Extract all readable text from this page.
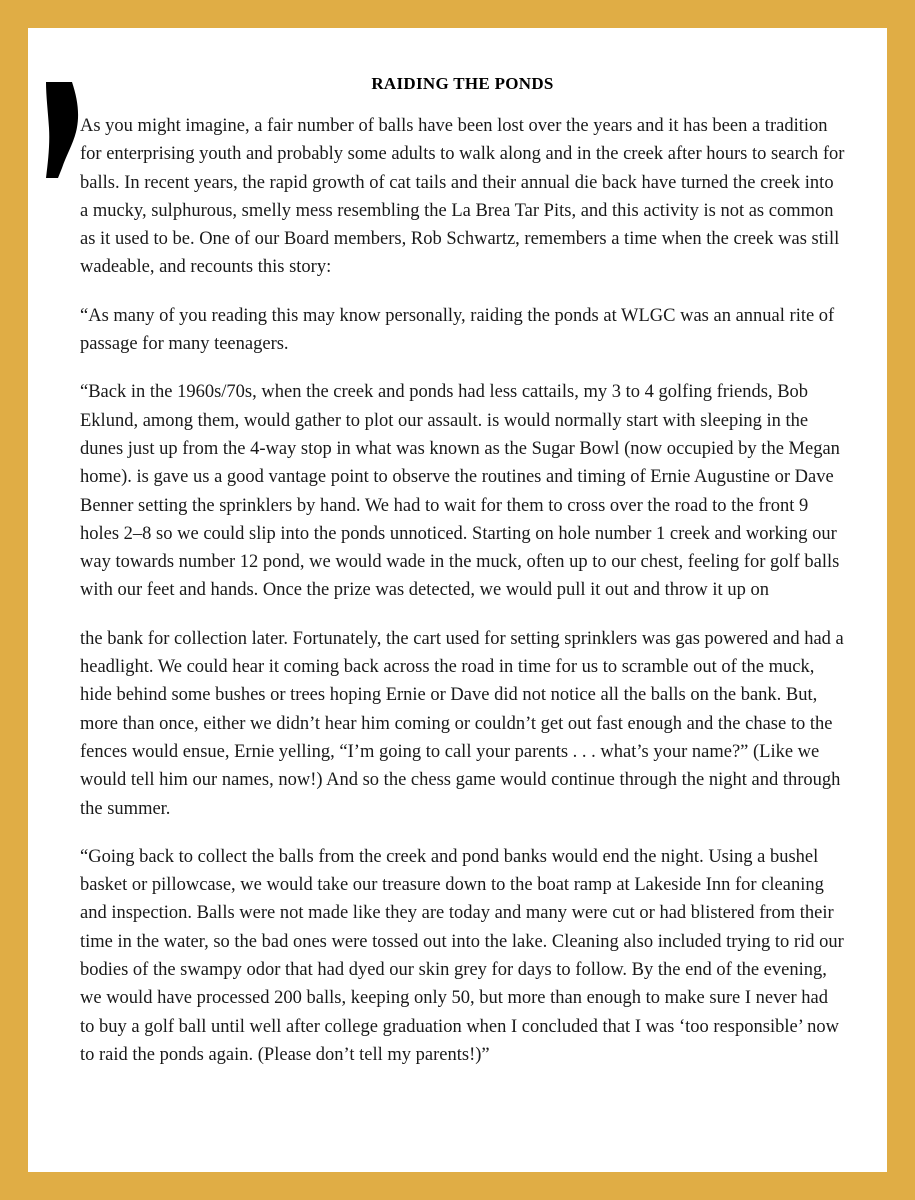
RAIDING THE PONDS

As you might imagine, a fair number of balls have been lost over the years and it has been a tradition for enterprising youth and probably some adults to walk along and in the creek after hours to search for balls. In recent years, the rapid growth of cat tails and their annual die back have turned the creek into a mucky, sulphurous, smelly mess resembling the La Brea Tar Pits, and this activity is not as common as it used to be. One of our Board members, Rob Schwartz, remembers a time when the creek was still wadeable, and recounts this story:

“As many of you reading this may know personally, raiding the ponds at WLGC was an annual rite of passage for many teenagers.

“Back in the 1960s/70s, when the creek and ponds had less cattails, my 3 to 4 golfing friends, Bob Eklund, among them, would gather to plot our assault. is would normally start with sleeping in the dunes just up from the 4-way stop in what was known as the Sugar Bowl (now occupied by the Megan home). is gave us a good vantage point to observe the routines and timing of Ernie Augustine or Dave Benner setting the sprinklers by hand. We had to wait for them to cross over the road to the front 9 holes 2–8 so we could slip into the ponds unnoticed. Starting on hole number 1 creek and working our way towards number 12 pond, we would wade in the muck, often up to our chest, feeling for golf balls with our feet and hands. Once the prize was detected, we would pull it out and throw it up on

the bank for collection later. Fortunately, the cart used for setting sprinklers was gas powered and had a headlight. We could hear it coming back across the road in time for us to scramble out of the muck, hide behind some bushes or trees hoping Ernie or Dave did not notice all the balls on the bank. But, more than once, either we didn’t hear him coming or couldn’t get out fast enough and the chase to the fences would ensue, Ernie yelling, “I’m going to call your parents . . . what’s your name?” (Like we would tell him our names, now!) And so the chess game would continue through the night and through the summer.

“Going back to collect the balls from the creek and pond banks would end the night. Using a bushel basket or pillowcase, we would take our treasure down to the boat ramp at Lakeside Inn for cleaning and inspection. Balls were not made like they are today and many were cut or had blistered from their time in the water, so the bad ones were tossed out into the lake. Cleaning also included trying to rid our bodies of the swampy odor that had dyed our skin grey for days to follow. By the end of the evening, we would have processed 200 balls, keeping only 50, but more than enough to make sure I never had to buy a golf ball until well after college graduation when I concluded that I was ‘too responsible’ now to raid the ponds again. (Please don’t tell my parents!)”
